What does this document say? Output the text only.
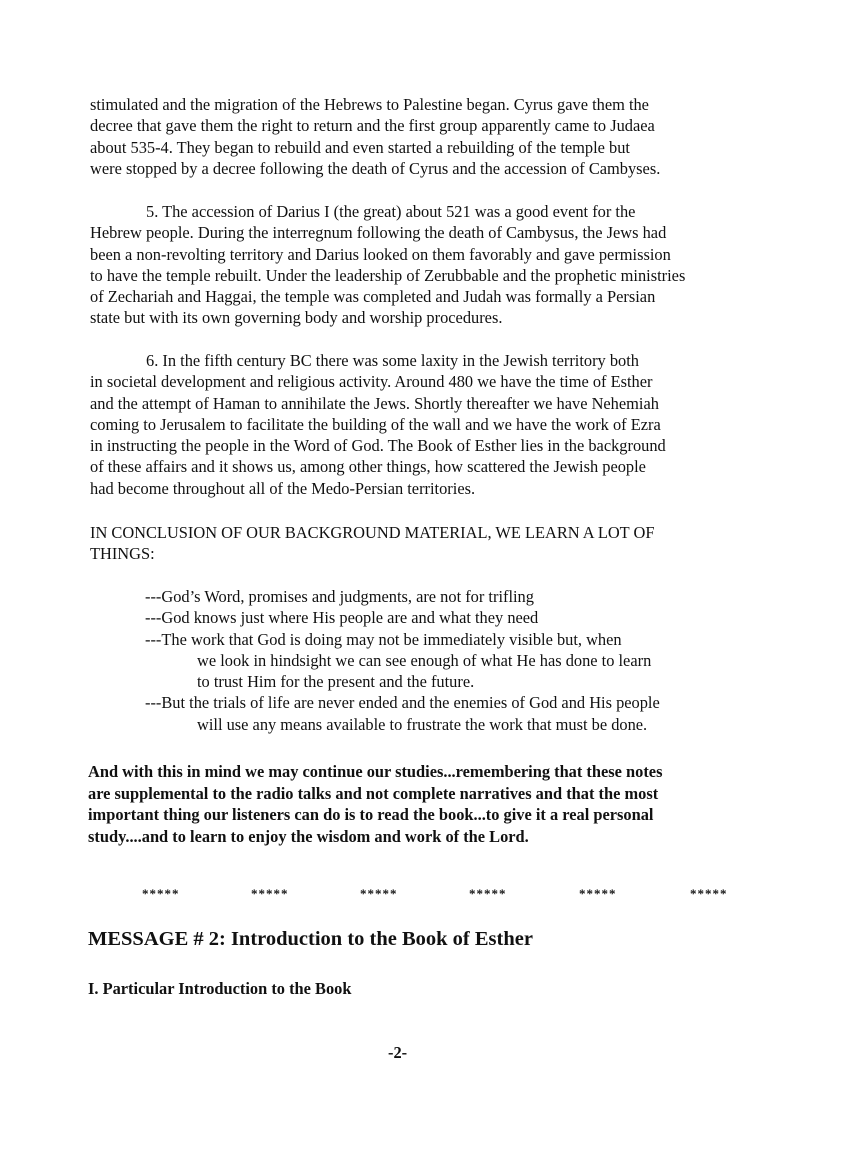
stimulated and the migration of the Hebrews to Palestine began. Cyrus gave them the
decree that gave them the right to return and the first group apparently came to Judaea
about 535-4. They began to rebuild and even started a rebuilding of the temple but
were stopped by a decree following the death of Cyrus and the accession of Cambyses.
5. The accession of Darius I (the great) about 521 was a good event for the
Hebrew people. During the interregnum following the death of Cambysus, the Jews had
been a non-revolting territory and Darius looked on them favorably and gave permission
to have the temple rebuilt. Under the leadership of Zerubbable and the prophetic ministries
of Zechariah and Haggai, the temple was completed and Judah was formally a Persian
state but with its own governing body and worship procedures.
6. In the fifth century BC there was some laxity in the Jewish territory both
in societal development and religious activity. Around 480 we have the time of Esther
and the attempt of Haman to annihilate the Jews. Shortly thereafter we have Nehemiah
coming to Jerusalem to facilitate the building of the wall and we have the work of Ezra
in instructing the people in the Word of God. The Book of Esther lies in the background
of these affairs and it shows us, among other things, how scattered the Jewish people
had become throughout all of the Medo-Persian territories.
IN CONCLUSION OF OUR BACKGROUND MATERIAL, WE LEARN A LOT OF
THINGS:
---God’s Word, promises and judgments, are not for trifling
---God knows just where His people are and what they need
---The work that God is doing may not be immediately visible but, when
we look in hindsight we can see enough of what He has done to learn
to trust Him for the present and the future.
---But the trials of life are never ended and the enemies of God and His people
will use any means available to frustrate the work that must be done.
And with this in mind we may continue our studies...remembering that these notes
are supplemental to the radio talks and not complete narratives and that the most
important thing our listeners can do is to read the book...to give it a real personal
study....and to learn to enjoy the wisdom and work of the Lord.
*****	*****	*****	*****	*****	*****
MESSAGE # 2: Introduction to the Book of Esther
I. Particular Introduction to the Book
-2-
